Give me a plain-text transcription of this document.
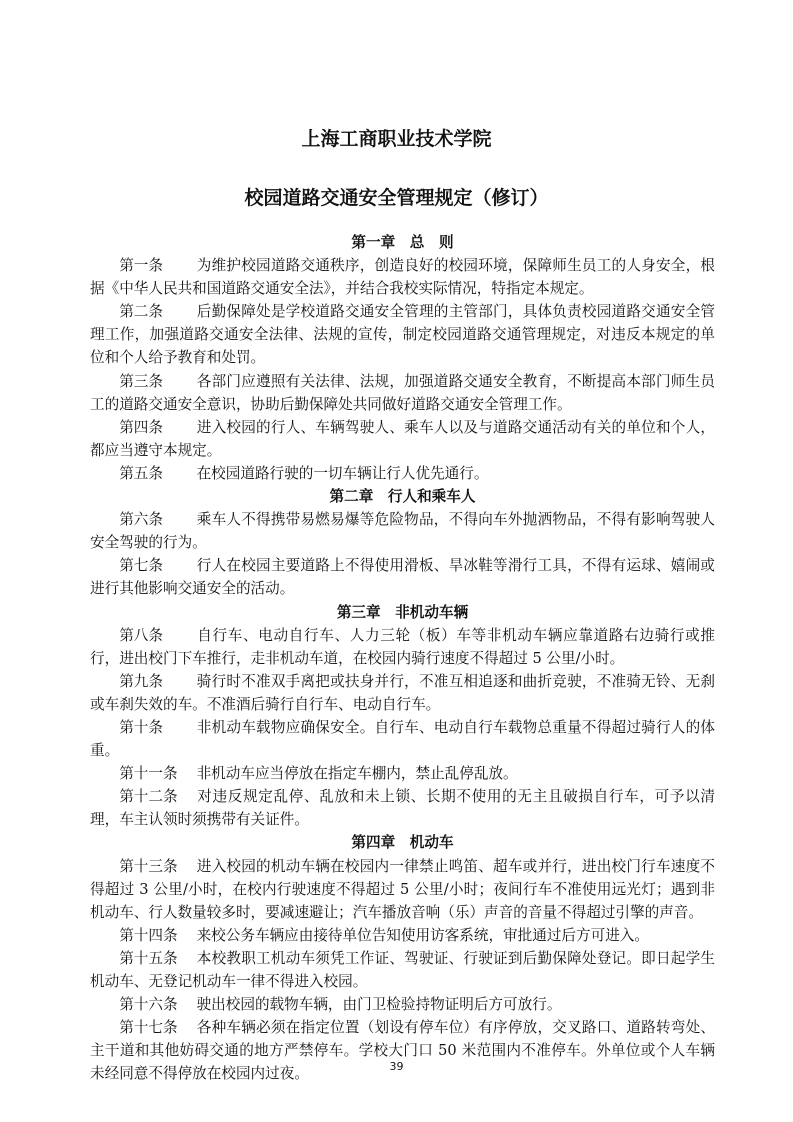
上海工商职业技术学院
校园道路交通安全管理规定（修订）
第一章　总　则

第一条 为维护校园道路交通秩序，创造良好的校园环境，保障师生员工的人身安全，根据《中华人民共和国道路交通安全法》，并结合我校实际情况，特指定本规定。

第二条 后勤保障处是学校道路交通安全管理的主管部门，具体负责校园道路交通安全管理工作，加强道路交通安全法律、法规的宣传，制定校园道路交通管理规定，对违反本规定的单位和个人给予教育和处罚。

第三条 各部门应遵照有关法律、法规，加强道路交通安全教育，不断提高本部门师生员工的道路交通安全意识，协助后勤保障处共同做好道路交通安全管理工作。

第四条 进入校园的行人、车辆驾驶人、乘车人以及与道路交通活动有关的单位和个人，都应当遵守本规定。

第五条 在校园道路行驶的一切车辆让行人优先通行。

第二章　行人和乘车人

第六条 乘车人不得携带易燃易爆等危险物品，不得向车外抛洒物品，不得有影响驾驶人安全驾驶的行为。

第七条 行人在校园主要道路上不得使用滑板、旱冰鞋等滑行工具，不得有运球、嬉闹或进行其他影响交通安全的活动。

第三章　非机动车辆

第八条 自行车、电动自行车、人力三轮（板）车等非机动车辆应靠道路右边骑行或推行，进出校门下车推行，走非机动车道，在校园内骑行速度不得超过 5 公里/小时。

第九条 骑行时不准双手离把或扶身并行，不准互相追逐和曲折竞驶，不准骑无铃、无刹或车刹失效的车。不准酒后骑行自行车、电动自行车。

第十条 非机动车载物应确保安全。自行车、电动自行车载物总重量不得超过骑行人的体重。

第十一条 非机动车应当停放在指定车棚内，禁止乱停乱放。

第十二条 对违反规定乱停、乱放和未上锁、长期不使用的无主且破损自行车，可予以清理，车主认领时须携带有关证件。

第四章　机动车

第十三条 进入校园的机动车辆在校园内一律禁止鸣笛、超车或并行，进出校门行车速度不得超过 3 公里/小时，在校内行驶速度不得超过 5 公里/小时；夜间行车不准使用远光灯；遇到非机动车、行人数量较多时，要减速避让；汽车播放音响（乐）声音的音量不得超过引擎的声音。

第十四条 来校公务车辆应由接待单位告知使用访客系统，审批通过后方可进入。

第十五条 本校教职工机动车须凭工作证、驾驶证、行驶证到后勤保障处登记。即日起学生机动车、无登记机动车一律不得进入校园。

第十六条 驶出校园的载物车辆，由门卫检验持物证明后方可放行。

第十七条 各种车辆必须在指定位置（划设有停车位）有序停放，交叉路口、道路转弯处、主干道和其他妨碍交通的地方严禁停车。学校大门口 50 米范围内不准停车。外单位或个人车辆未经同意不得停放在校园内过夜。	39
